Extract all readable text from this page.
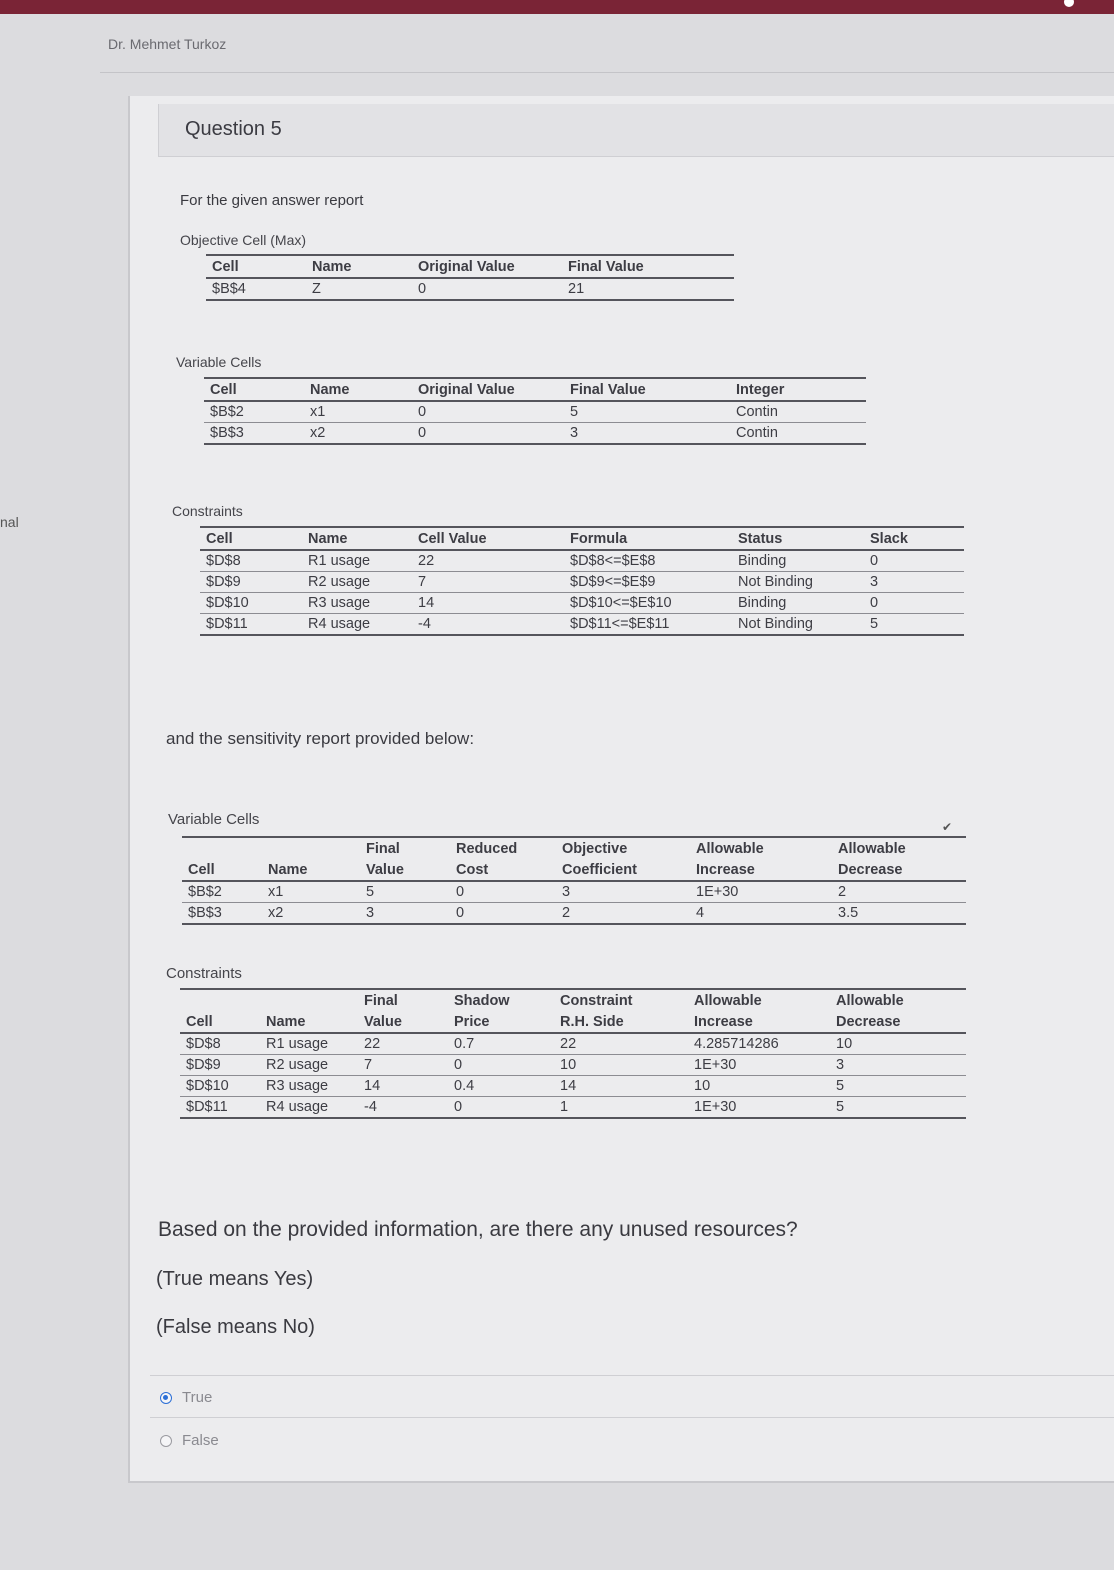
Dr. Mehmet Turkoz
nal
Question 5
For the given answer report
Objective Cell (Max)
Cell	Name	Original Value	Final Value
$B$4	Z	0	21
Variable Cells
Cell	Name	Original Value	Final Value	Integer
$B$2	x1	0	5	Contin
$B$3	x2	0	3	Contin
Constraints
Cell	Name	Cell Value	Formula	Status	Slack
$D$8	R1 usage	22	$D$8<=$E$8	Binding	0
$D$9	R2 usage	7	$D$9<=$E$9	Not Binding	3
$D$10	R3 usage	14	$D$10<=$E$10	Binding	0
$D$11	R4 usage	-4	$D$11<=$E$11	Not Binding	5
and the sensitivity report provided below:
Variable Cells	✔
		Final	Reduced	Objective	Allowable	Allowable
Cell	Name	Value	Cost	Coefficient	Increase	Decrease
$B$2	x1	5	0	3	1E+30	2
$B$3	x2	3	0	2	4	3.5
Constraints
		Final	Shadow	Constraint	Allowable	Allowable
Cell	Name	Value	Price	R.H. Side	Increase	Decrease
$D$8	R1 usage	22	0.7	22	4.285714286	10
$D$9	R2 usage	7	0	10	1E+30	3
$D$10	R3 usage	14	0.4	14	10	5
$D$11	R4 usage	-4	0	1	1E+30	5
Based on the provided information, are there any unused resources?
(True means Yes)
(False means No)
True
False
